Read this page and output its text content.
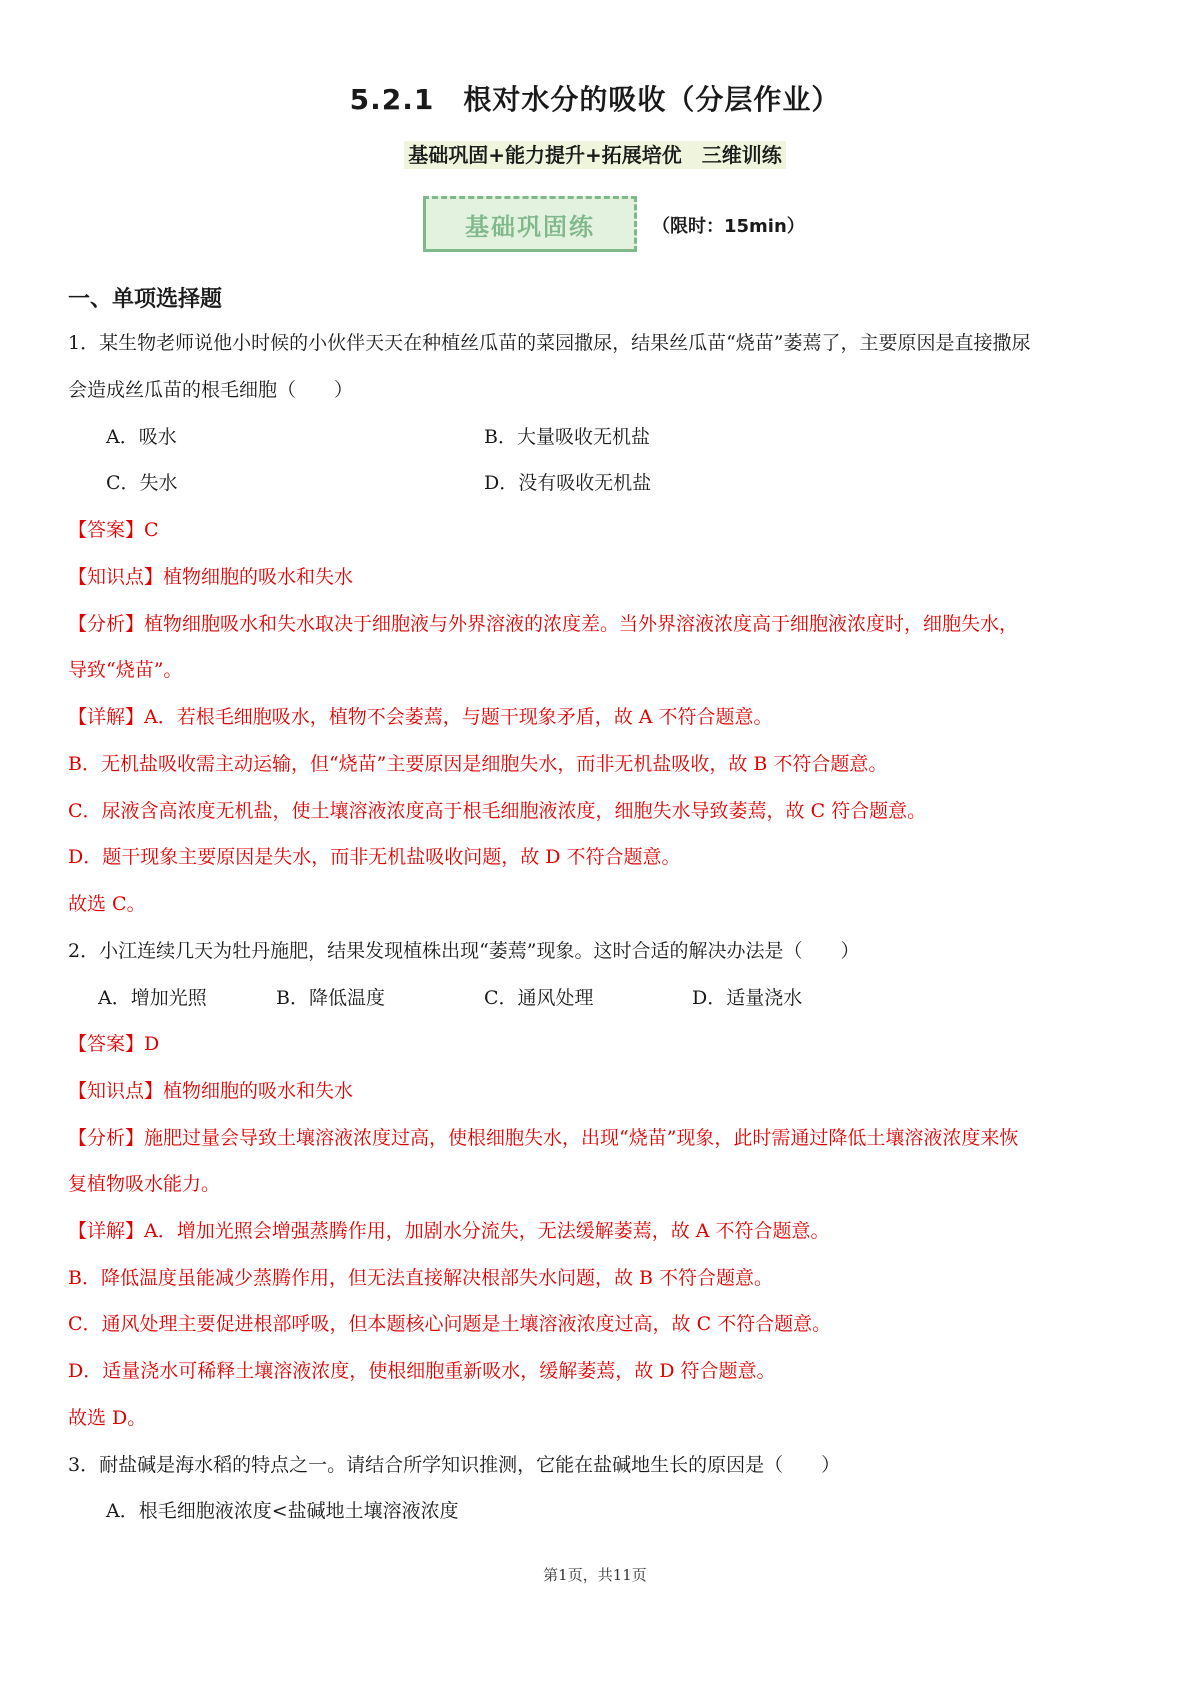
5.2.1　根对水分的吸收（分层作业）
基础巩固+能力提升+拓展培优　三维训练
基础巩固练	（限时：15min）
一、单项选择题
1．某生物老师说他小时候的小伙伴天天在种植丝瓜苗的菜园撒尿，结果丝瓜苗“烧苗”萎蔫了，主要原因是直接撒尿
会造成丝瓜苗的根毛细胞（　　）
A．吸水	B．大量吸收无机盐
C．失水	D．没有吸收无机盐
【答案】C
【知识点】植物细胞的吸水和失水
【分析】植物细胞吸水和失水取决于细胞液与外界溶液的浓度差。当外界溶液浓度高于细胞液浓度时，细胞失水，
导致“烧苗”。
【详解】A．若根毛细胞吸水，植物不会萎蔫，与题干现象矛盾，故 A 不符合题意。
B．无机盐吸收需主动运输，但“烧苗”主要原因是细胞失水，而非无机盐吸收，故 B 不符合题意。
C．尿液含高浓度无机盐，使土壤溶液浓度高于根毛细胞液浓度，细胞失水导致萎蔫，故 C 符合题意。
D．题干现象主要原因是失水，而非无机盐吸收问题，故 D 不符合题意。
故选 C。
2．小江连续几天为牡丹施肥，结果发现植株出现“萎蔫”现象。这时合适的解决办法是（　　）
A．增加光照	B．降低温度	C．通风处理	D．适量浇水
【答案】D
【知识点】植物细胞的吸水和失水
【分析】施肥过量会导致土壤溶液浓度过高，使根细胞失水，出现“烧苗”现象，此时需通过降低土壤溶液浓度来恢
复植物吸水能力。
【详解】A．增加光照会增强蒸腾作用，加剧水分流失，无法缓解萎蔫，故 A 不符合题意。
B．降低温度虽能减少蒸腾作用，但无法直接解决根部失水问题，故 B 不符合题意。
C．通风处理主要促进根部呼吸，但本题核心问题是土壤溶液浓度过高，故 C 不符合题意。
D．适量浇水可稀释土壤溶液浓度，使根细胞重新吸水，缓解萎蔫，故 D 符合题意。
故选 D。
3．耐盐碱是海水稻的特点之一。请结合所学知识推测，它能在盐碱地生长的原因是（　　）
A．根毛细胞液浓度<盐碱地土壤溶液浓度
第1页，共11页
